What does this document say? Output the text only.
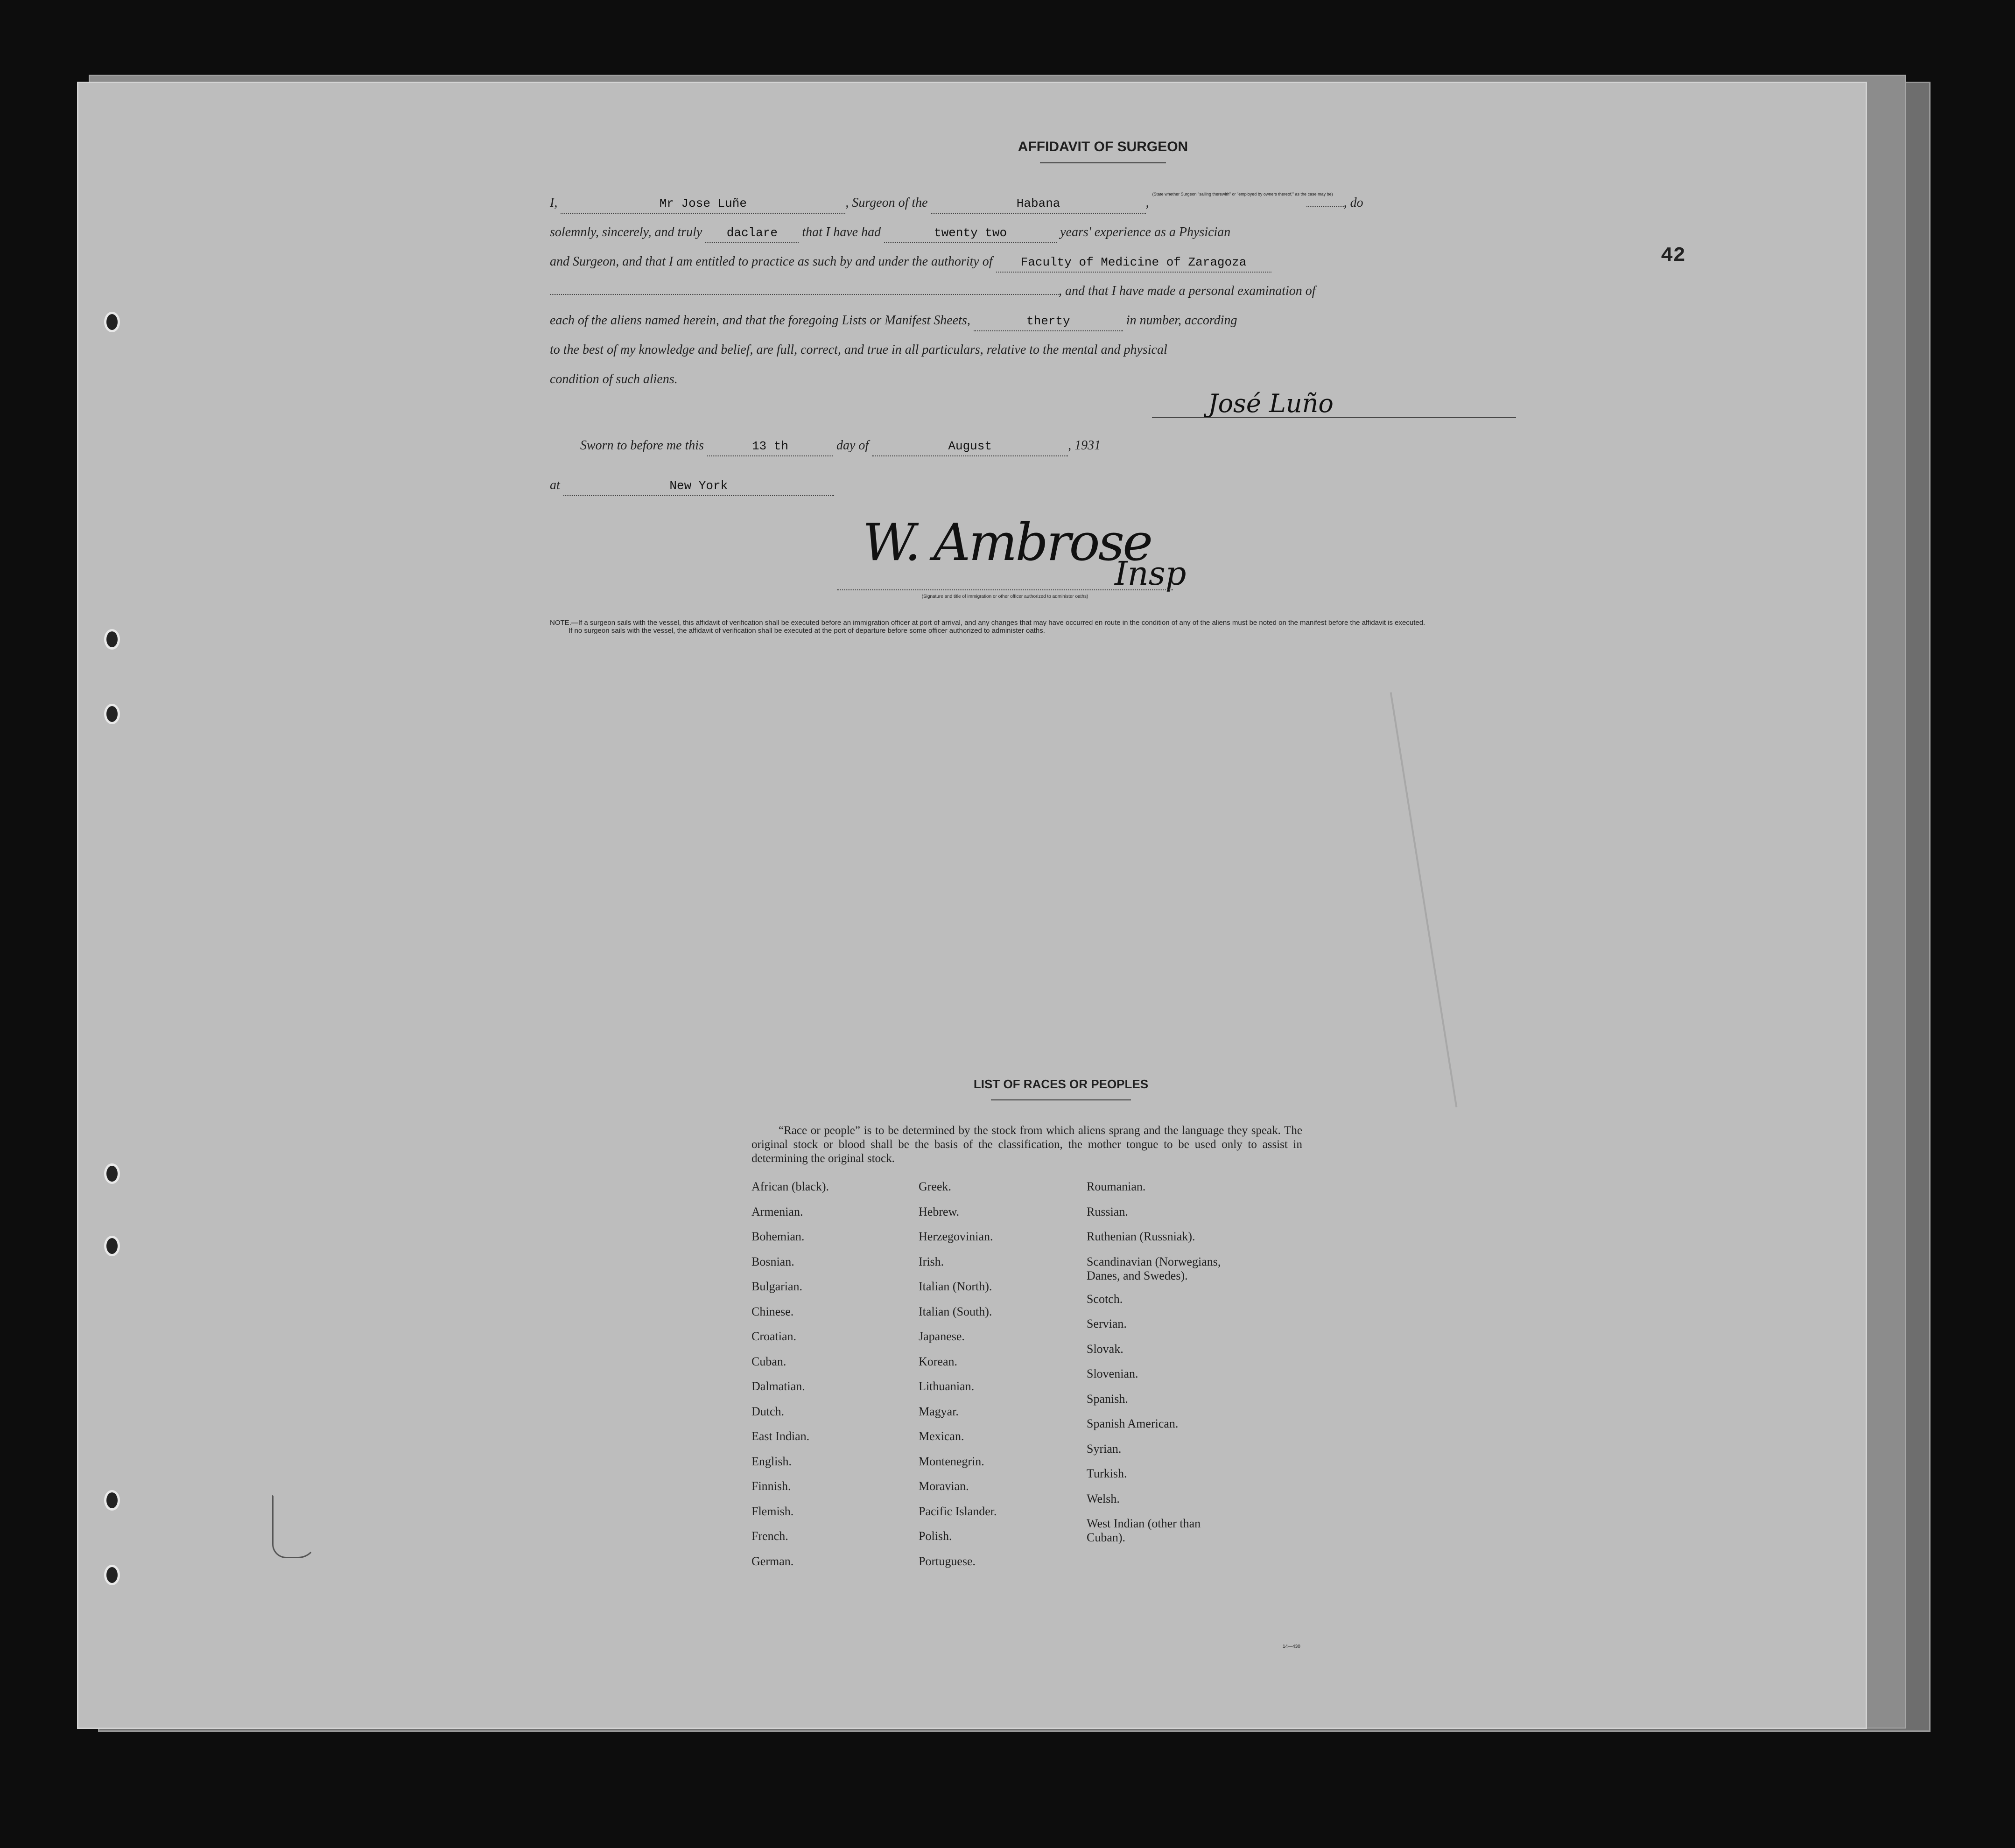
42
AFFIDAVIT OF SURGEON
I,	Mr Jose Luñe	, Surgeon of the	Habana	, (State whether Surgeon "sailing therewith" or "employed by owners thereof," as the case may be), do
solemnly, sincerely, and truly daclare that I have had	twenty two	years' experience as a Physician
and Surgeon, and that I am entitled to practice as such by and under the authority of Faculty of Medicine of Zaragoza
, and that I have made a personal examination of
each of the aliens named herein, and that the foregoing Lists or Manifest Sheets,	therty	in number, according
to the best of my knowledge and belief, are full, correct, and true in all particulars, relative to the mental and physical
condition of such aliens.
José Luño
Sworn to before me this	13 th	day of	August	, 1931
at	New York
W. Ambrose
Insp
(Signature and title of immigration or other officer authorized to administer oaths)

NOTE.—If a surgeon sails with the vessel, this affidavit of verification shall be executed before an immigration officer at port of arrival, and any changes that may have occurred en route in the condition of any of the aliens must be noted on the manifest before the affidavit is executed.

If no surgeon sails with the vessel, the affidavit of verification shall be executed at the port of departure before some officer authorized to administer oaths.

LIST OF RACES OR PEOPLES
“Race or people” is to be determined by the stock from which aliens sprang and the language they speak. The original stock or blood shall be the basis of the classification, the mother tongue to be used only to assist in determining the original stock.
African (black).
Armenian.
Bohemian.
Bosnian.
Bulgarian.
Chinese.
Croatian.
Cuban.
Dalmatian.
Dutch.
East Indian.
English.
Finnish.
Flemish.
French.
German.
Greek.
Hebrew.
Herzegovinian.
Irish.
Italian (North).
Italian (South).
Japanese.
Korean.
Lithuanian.
Magyar.
Mexican.
Montenegrin.
Moravian.
Pacific Islander.
Polish.
Portuguese.
Roumanian.
Russian.
Ruthenian (Russniak).
Scandinavian (Norwegians, Danes, and Swedes).
Scotch.
Servian.
Slovak.
Slovenian.
Spanish.
Spanish American.
Syrian.
Turkish.
Welsh.
West Indian (other than Cuban).
14—430
